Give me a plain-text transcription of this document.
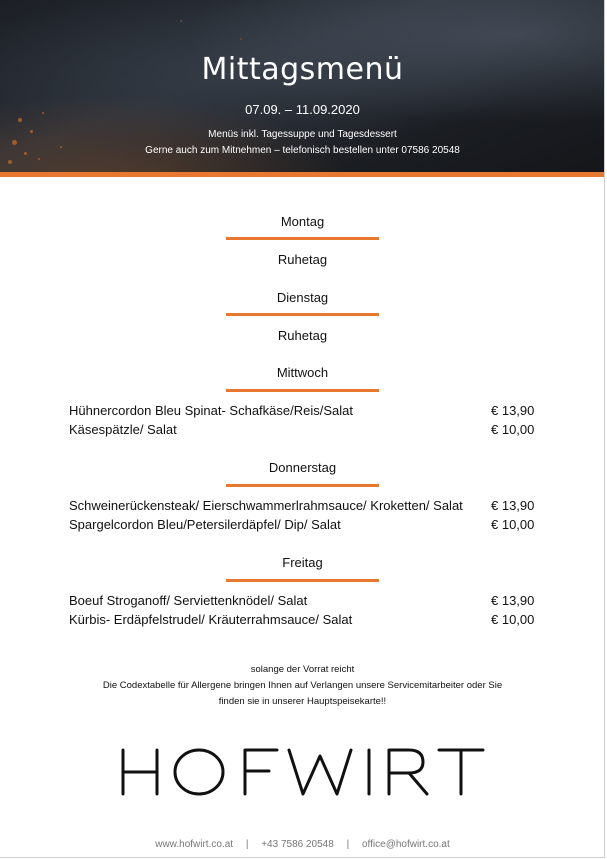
Mittagsmenü
07.09. – 11.09.2020
Menüs inkl. Tagessuppe und Tagesdessert
Gerne auch zum Mitnehmen – telefonisch bestellen unter 07586 20548
Montag
Ruhetag
Dienstag
Ruhetag
Mittwoch
Hühnercordon Bleu Spinat- Schafkäse/Reis/Salat	€ 13,90
Käsespätzle/ Salat	€ 10,00
Donnerstag
Schweinerückensteak/ Eierschwammerlrahmsauce/ Kroketten/ Salat € 13,90
Spargelcordon Bleu/Petersilerdäpfel/ Dip/ Salat	€ 10,00
Freitag
Boeuf Stroganoff/ Serviettenknödel/ Salat	€ 13,90
Kürbis- Erdäpfelstrudel/ Kräuterrahmsauce/ Salat	€ 10,00
solange der Vorrat reicht
Die Codextabelle für Allergene bringen Ihnen auf Verlangen unsere Servicemitarbeiter oder Sie
finden sie in unserer Hauptspeisekarte!!
www.hofwirt.co.at | +43 7586 20548 | office@hofwirt.co.at
